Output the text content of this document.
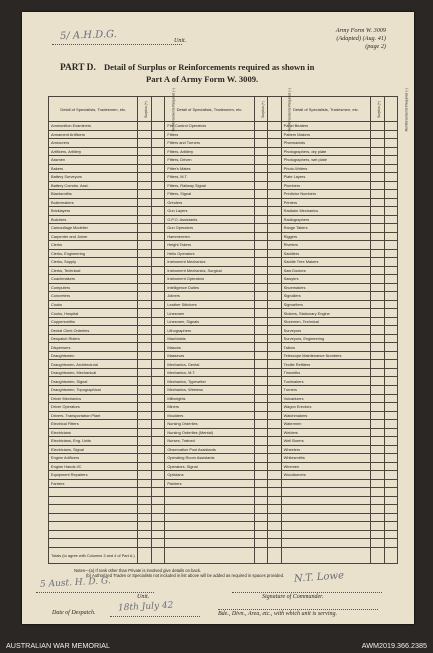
5/ A.H.D.G.	Unit.
Army Form W. 3009
(Adapted) (Aug. 41)
(page 2)
PART D. Detail of Surplus or Reinforcements required as shown in
Part A of Army Form W. 3009.
Detail of Specialists, Tradesmen, etc.	Surplus (+)	Reinforcements Required (−)	Detail of Specialists, Tradesmen, etc.	Surplus (+)	Reinforcements Required (−)	Detail of Specialists, Tradesmen, etc.	Surplus (+)	Reinforcements Required (−)
Ammunition Examiners			Fire Control Operators			Panel Beaters		
Armament Artificers			Fitters			Pattern Makers		
Armourers			Fitters and Turners			Pharmacists		
Artificers, Artillery			Fitters, Artillery			Photographers, dry plate		
Assmen			Fitters, Driven			Photographers, wet plate		
Bakers			Fitter's Mates			Photo-Writers		
Battery Surveyors			Fitters, M.T.			Plate Layers		
Battery Comdrs. Asst.			Fitters, Railway Signal			Plumbers		
Blacksmiths			Fitters, Signal			Predictor Numbers		
Boilermakers			Grinders			Printers		
Bricklayers			Gun Layers			Radiator Mechanics		
Butchers			G.P.O. Assistants			Radiographers		
Camouflage Modeller			Gun Operators			Range Takers		
Carpenter and Joiner			Hammermen			Riggers		
Clerks			Height Takers			Riveters		
Clerks, Engineering			Helio Operators			Saddlers		
Clerks, Supply			Instrument Mechanics			Saddle Tree Makers		
Clerks, Technical			Instrument Mechanics, Surgical			Saw Doctors		
Coachmakers			Instrument Operators			Sawyers		
Computers			Intelligence Duties			Shoemakers		
Concreters			Joiners			Signallers		
Cooks			Leather Stitchers			Signwriters		
Cooks, Hospital			Linesmen			Stokers, Stationary Engine		
Coppersmiths			Linesmen, Signals			Storemen, Technical		
Dental Clerk Orderlies			Lithographers			Surveyors		
Despatch Riders			Machinists			Surveyors, Engineering		
Dispensers			Masons			Tailors		
Draughtsmen			Masseurs			Telescope Maintenance Numbers		
Draughtsmen, Architectural			Mechanics, Dental			Textile Refitters		
Draughtsmen, Mechanical			Mechanics, M.T.			Tinsmiths		
Draughtsmen, Signal			Mechanics, Typewriter			Toolmakers		
Draughtsmen, Topographical			Mechanics, Wireless			Turners		
Driver Mechanics			Millwrights			Vulcanizers		
Driver Operators			Miners			Wagon Erectors		
Drivers, Transportation Plant			Moulders			Watchmakers		
Electrical Fitters			Nursing Orderlies			Watermen		
Electricians			Nursing Orderlies (Mental)			Welders		
Electricians, Eng. Units			Nurses, Trained			Well Borers		
Electricians, Signal			Observation Post Assistants			Wheelers		
Engine Artificers			Operating Room Assistants			Whitesmiths		
Engine Hands I/C			Operators, Signal			Wiremen		
Equipment Repairers			Opticians			Woodturners		
Farriers			Painters					

Totals (to agree with Columns 3 and 4 of Part A.)								
Notes—(a) If rank other than Private is involved give details on back.
(b) Authorized Trades or Specialists not included in list above will be added as required in spaces provided.
5 Aust. H. D. G.
Unit.
N.T. Lowe
Signature of Commander.
18th July 42
Date of Despatch.	Bde., Divn., Area, etc., with which unit is serving.
AUSTRALIAN WAR MEMORIAL	AWM2019.366.2385
